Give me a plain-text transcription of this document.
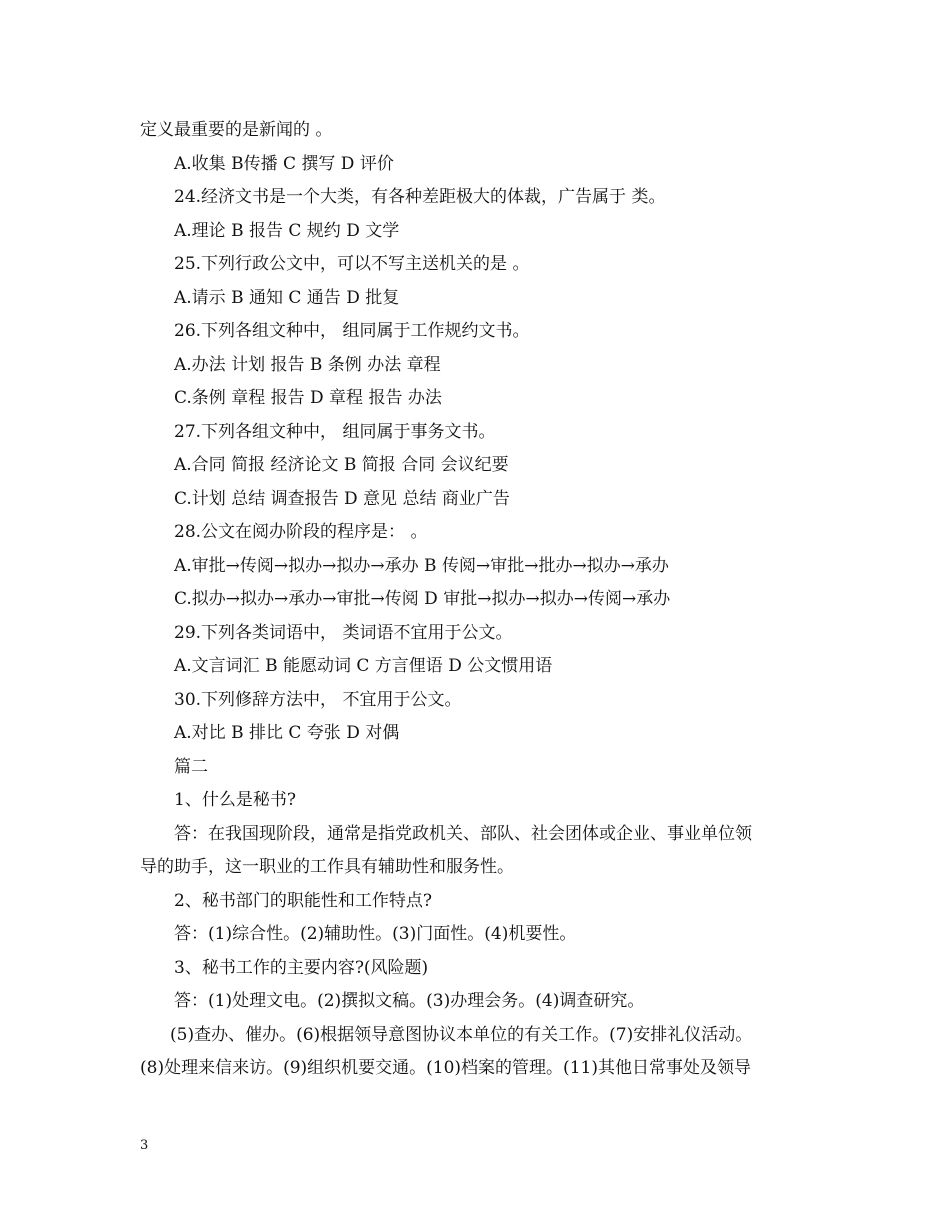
定义最重要的是新闻的 。
A.收集 B传播 C 撰写 D 评价
24.经济文书是一个大类，有各种差距极大的体裁，广告属于 类。
A.理论 B 报告 C 规约 D 文学
25.下列行政公文中，可以不写主送机关的是 。
A.请示 B 通知 C 通告 D 批复
26.下列各组文种中， 组同属于工作规约文书。
A.办法 计划 报告 B 条例 办法 章程
C.条例 章程 报告 D 章程 报告 办法
27.下列各组文种中， 组同属于事务文书。
A.合同 简报 经济论文 B 简报 合同 会议纪要
C.计划 总结 调查报告 D 意见 总结 商业广告
28.公文在阅办阶段的程序是： 。
A.审批→传阅→拟办→拟办→承办 B 传阅→审批→批办→拟办→承办
C.拟办→拟办→承办→审批→传阅 D 审批→拟办→拟办→传阅→承办
29.下列各类词语中， 类词语不宜用于公文。
A.文言词汇 B 能愿动词 C 方言俚语 D 公文惯用语
30.下列修辞方法中， 不宜用于公文。
A.对比 B 排比 C 夸张 D 对偶
篇二
1、什么是秘书?
答：在我国现阶段，通常是指党政机关、部队、社会团体或企业、事业单位领
导的助手，这一职业的工作具有辅助性和服务性。
2、秘书部门的职能性和工作特点?
答：(1)综合性。(2)辅助性。(3)门面性。(4)机要性。
3、秘书工作的主要内容?(风险题)
答：(1)处理文电。(2)撰拟文稿。(3)办理会务。(4)调查研究。
(5)查办、催办。(6)根据领导意图协议本单位的有关工作。(7)安排礼仪活动。
(8)处理来信来访。(9)组织机要交通。(10)档案的管理。(11)其他日常事处及领导
3
